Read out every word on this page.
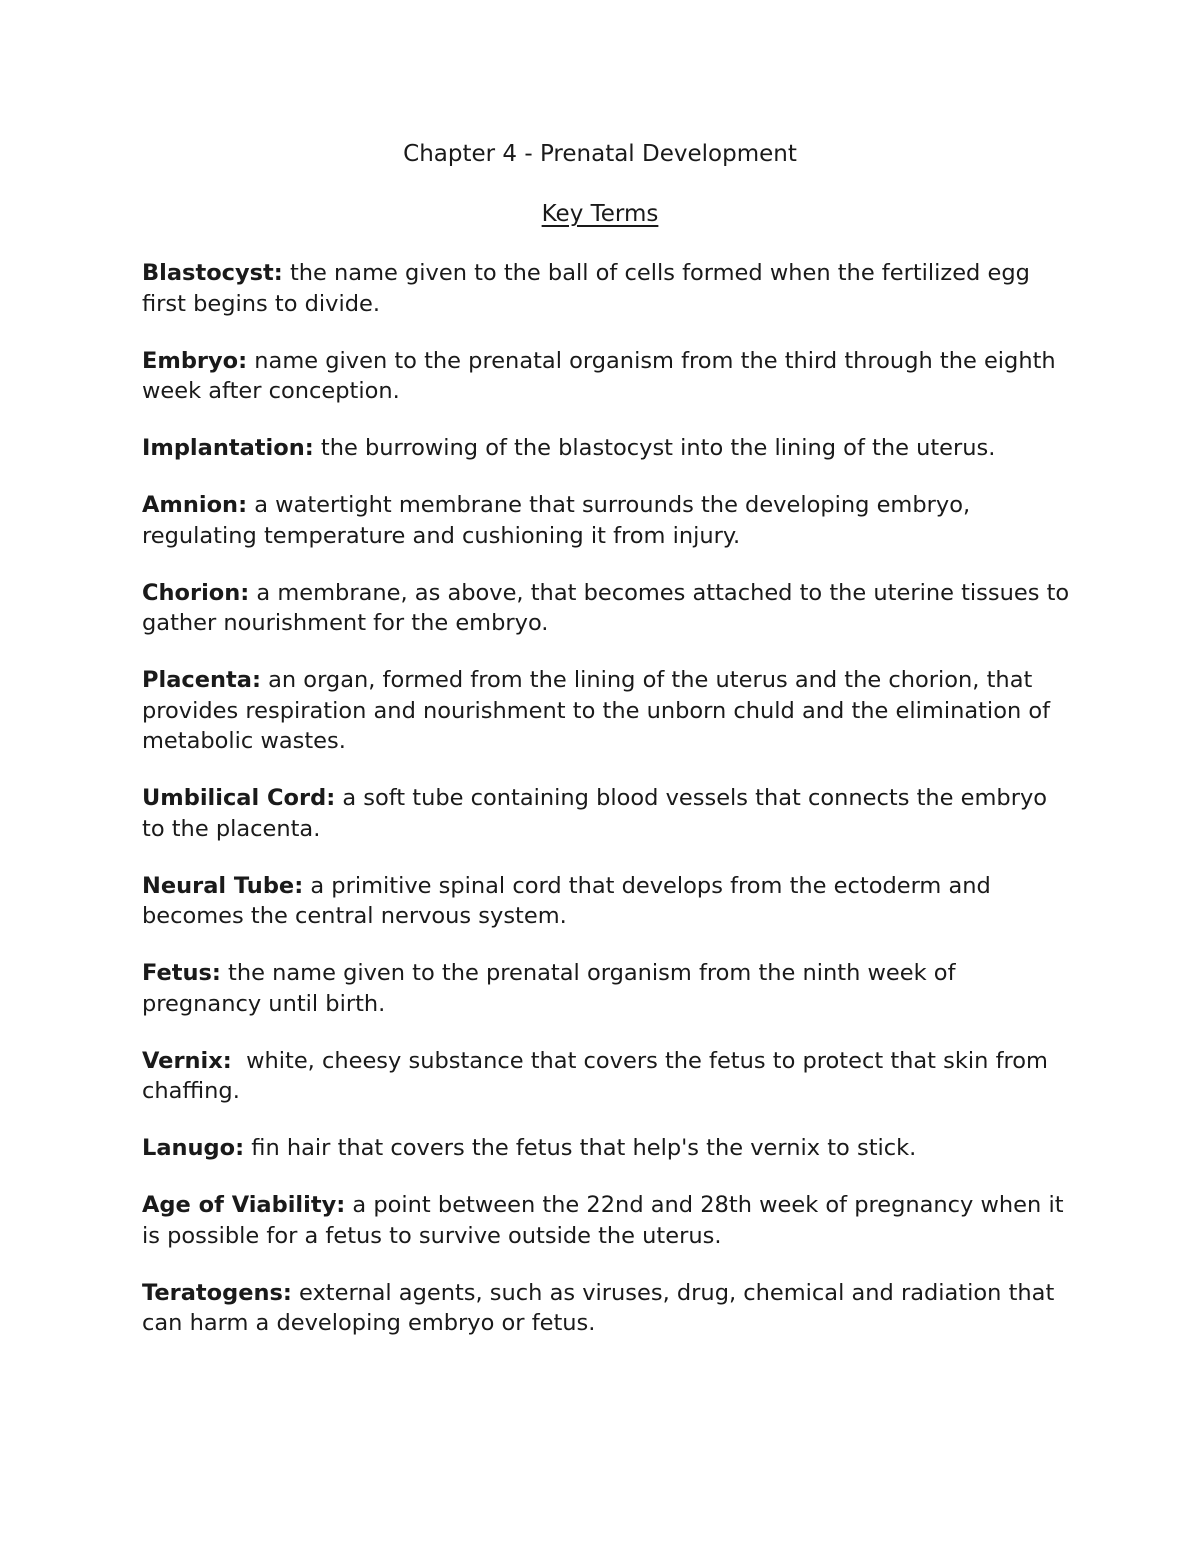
Chapter 4 - Prenatal Development
Key Terms

Blastocyst: the name given to the ball of cells formed when the fertilized egg first begins to divide.

Embryo: name given to the prenatal organism from the third through the eighth week after conception.

Implantation: the burrowing of the blastocyst into the lining of the uterus.

Amnion: a watertight membrane that surrounds the developing embryo, regulating temperature and cushioning it from injury.

Chorion: a membrane, as above, that becomes attached to the uterine tissues to gather nourishment for the embryo.

Placenta: an organ, formed from the lining of the uterus and the chorion, that provides respiration and nourishment to the unborn chuld and the elimination of metabolic wastes.

Umbilical Cord: a soft tube containing blood vessels that connects the embryo to the placenta.

Neural Tube: a primitive spinal cord that develops from the ectoderm and becomes the central nervous system.

Fetus: the name given to the prenatal organism from the ninth week of pregnancy until birth.

Vernix:  white, cheesy substance that covers the fetus to protect that skin from chaffing.

Lanugo: fin hair that covers the fetus that help's the vernix to stick.

Age of Viability: a point between the 22nd and 28th week of pregnancy when it is possible for a fetus to survive outside the uterus.

Teratogens: external agents, such as viruses, drug, chemical and radiation that can harm a developing embryo or fetus.
